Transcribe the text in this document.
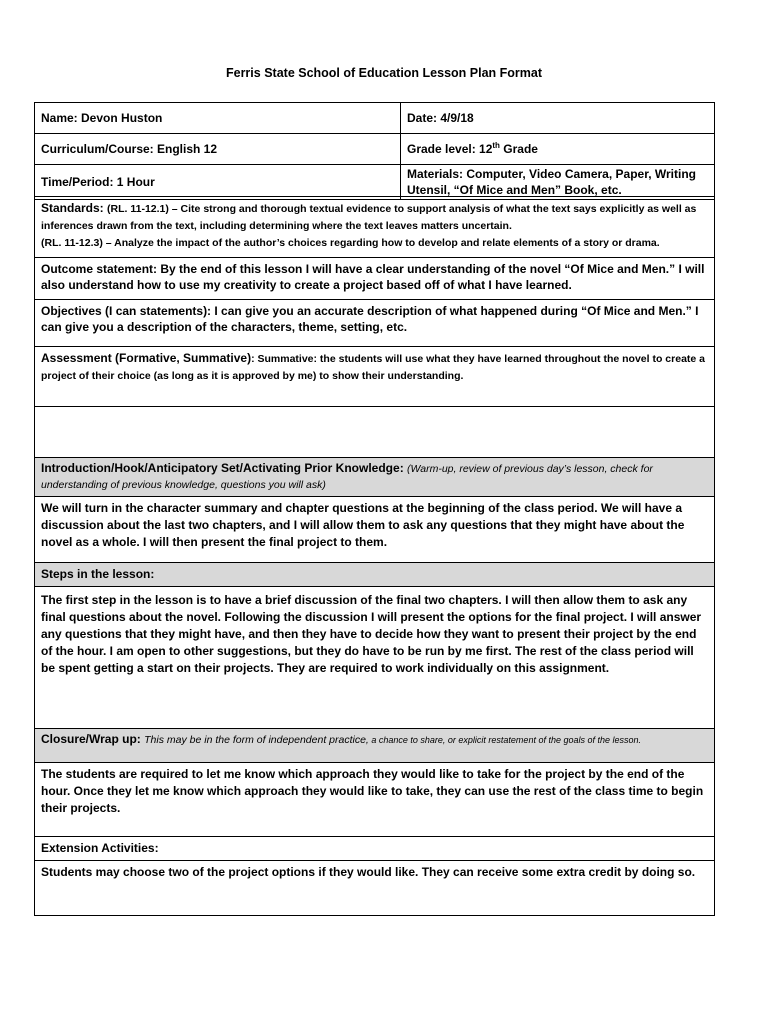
Ferris State School of Education Lesson Plan Format
Name: Devon Huston	Date: 4/9/18
Curriculum/Course: English 12	Grade level: 12th Grade
Time/Period: 1 Hour	Materials: Computer, Video Camera, Paper, Writing Utensil, “Of Mice and Men” Book, etc.
Standards: (RL. 11-12.1) – Cite strong and thorough textual evidence to support analysis of what the text says explicitly as well as inferences drawn from the text, including determining where the text leaves matters uncertain.
(RL. 11-12.3) – Analyze the impact of the author’s choices regarding how to develop and relate elements of a story or drama.
Outcome statement: By the end of this lesson I will have a clear understanding of the novel “Of Mice and Men.” I will also understand how to use my creativity to create a project based off of what I have learned.
Objectives (I can statements): I can give you an accurate description of what happened during “Of Mice and Men.” I can give you a description of the characters, theme, setting, etc.
Assessment (Formative, Summative): Summative: the students will use what they have learned throughout the novel to create a project of their choice (as long as it is approved by me) to show their understanding.

Introduction/Hook/Anticipatory Set/Activating Prior Knowledge: (Warm-up, review of previous day’s lesson, check for understanding of previous knowledge, questions you will ask)
We will turn in the character summary and chapter questions at the beginning of the class period. We will have a discussion about the last two chapters, and I will allow them to ask any questions that they might have about the novel as a whole. I will then present the final project to them.
Steps in the lesson:
The first step in the lesson is to have a brief discussion of the final two chapters. I will then allow them to ask any final questions about the novel. Following the discussion I will present the options for the final project. I will answer any questions that they might have, and then they have to decide how they want to present their project by the end of the hour. I am open to other suggestions, but they do have to be run by me first. The rest of the class period will be spent getting a start on their projects. They are required to work individually on this assignment.
Closure/Wrap up: This may be in the form of independent practice, a chance to share, or explicit restatement of the goals of the lesson.
The students are required to let me know which approach they would like to take for the project by the end of the hour. Once they let me know which approach they would like to take, they can use the rest of the class time to begin their projects.
Extension Activities:
Students may choose two of the project options if they would like. They can receive some extra credit by doing so.
